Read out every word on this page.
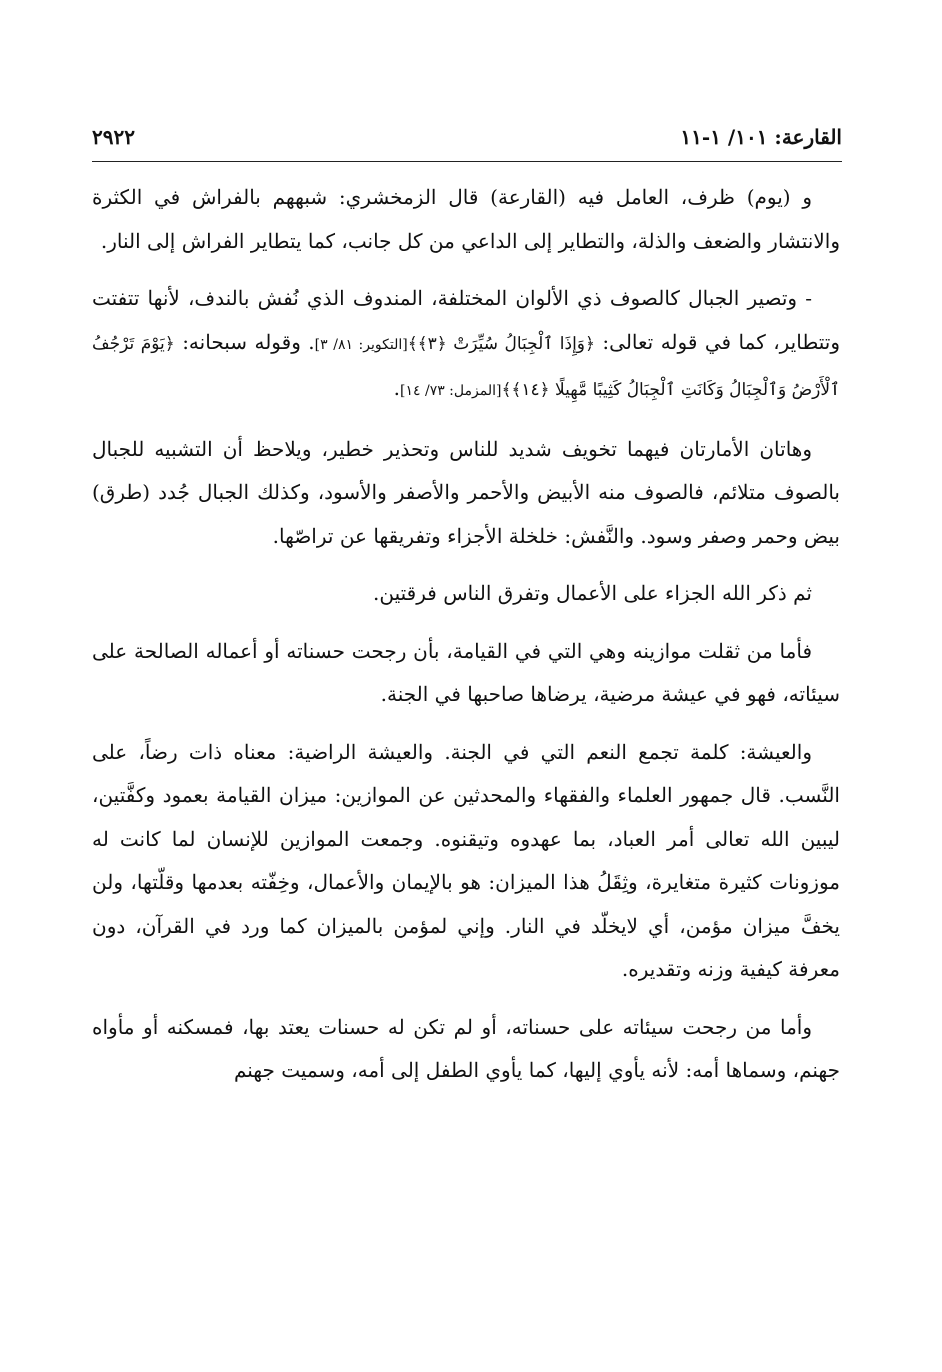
القارعة: ١٠١/ ١-١١
٢٩٢٢

و (يوم) ظرف، العامل فيه (القارعة) قال الزمخشري: شبههم بالفراش في الكثرة والانتشار والضعف والذلة، والتطاير إلى الداعي من كل جانب، كما يتطاير الفراش إلى النار.

- وتصير الجبال كالصوف ذي الألوان المختلفة، المندوف الذي نُفش بالندف، لأنها تتفتت وتتطاير، كما في قوله تعالى: ﴿وَإِذَا ٱلْجِبَالُ سُيِّرَتْ ﴿٣﴾﴾[التكوير: ٨١/ ٣]. وقوله سبحانه: ﴿يَوْمَ تَرْجُفُ ٱلْأَرْضُ وَٱلْجِبَالُ وَكَانَتِ ٱلْجِبَالُ كَثِيبًا مَّهِيلًا ﴿١٤﴾﴾[المزمل: ٧٣/ ١٤].

وهاتان الأمارتان فيهما تخويف شديد للناس وتحذير خطير، ويلاحظ أن التشبيه للجبال بالصوف متلائم، فالصوف منه الأبيض والأحمر والأصفر والأسود، وكذلك الجبال جُدد (طرق) بيض وحمر وصفر وسود. والنَّفش: خلخلة الأجزاء وتفريقها عن تراصّها.

ثم ذكر الله الجزاء على الأعمال وتفرق الناس فرقتين.

فأما من ثقلت موازينه وهي التي في القيامة، بأن رجحت حسناته أو أعماله الصالحة على سيئاته، فهو في عيشة مرضية، يرضاها صاحبها في الجنة.

والعيشة: كلمة تجمع النعم التي في الجنة. والعيشة الراضية: معناه ذات رضاً، على النَّسب. قال جمهور العلماء والفقهاء والمحدثين عن الموازين: ميزان القيامة بعمود وكفَّتين، ليبين الله تعالى أمر العباد، بما عهدوه وتيقنوه. وجمعت الموازين للإنسان لما كانت له موزونات كثيرة متغايرة، وثِقَلُ هذا الميزان: هو بالإيمان والأعمال، وخِفّته بعدمها وقلّتها، ولن يخفَّ ميزان مؤمن، أي لايخلّد في النار. وإني لمؤمن بالميزان كما ورد في القرآن، دون معرفة كيفية وزنه وتقديره.

وأما من رجحت سيئاته على حسناته، أو لم تكن له حسنات يعتد بها، فمسكنه أو مأواه جهنم، وسماها أمه: لأنه يأوي إليها، كما يأوي الطفل إلى أمه، وسميت جهنم
